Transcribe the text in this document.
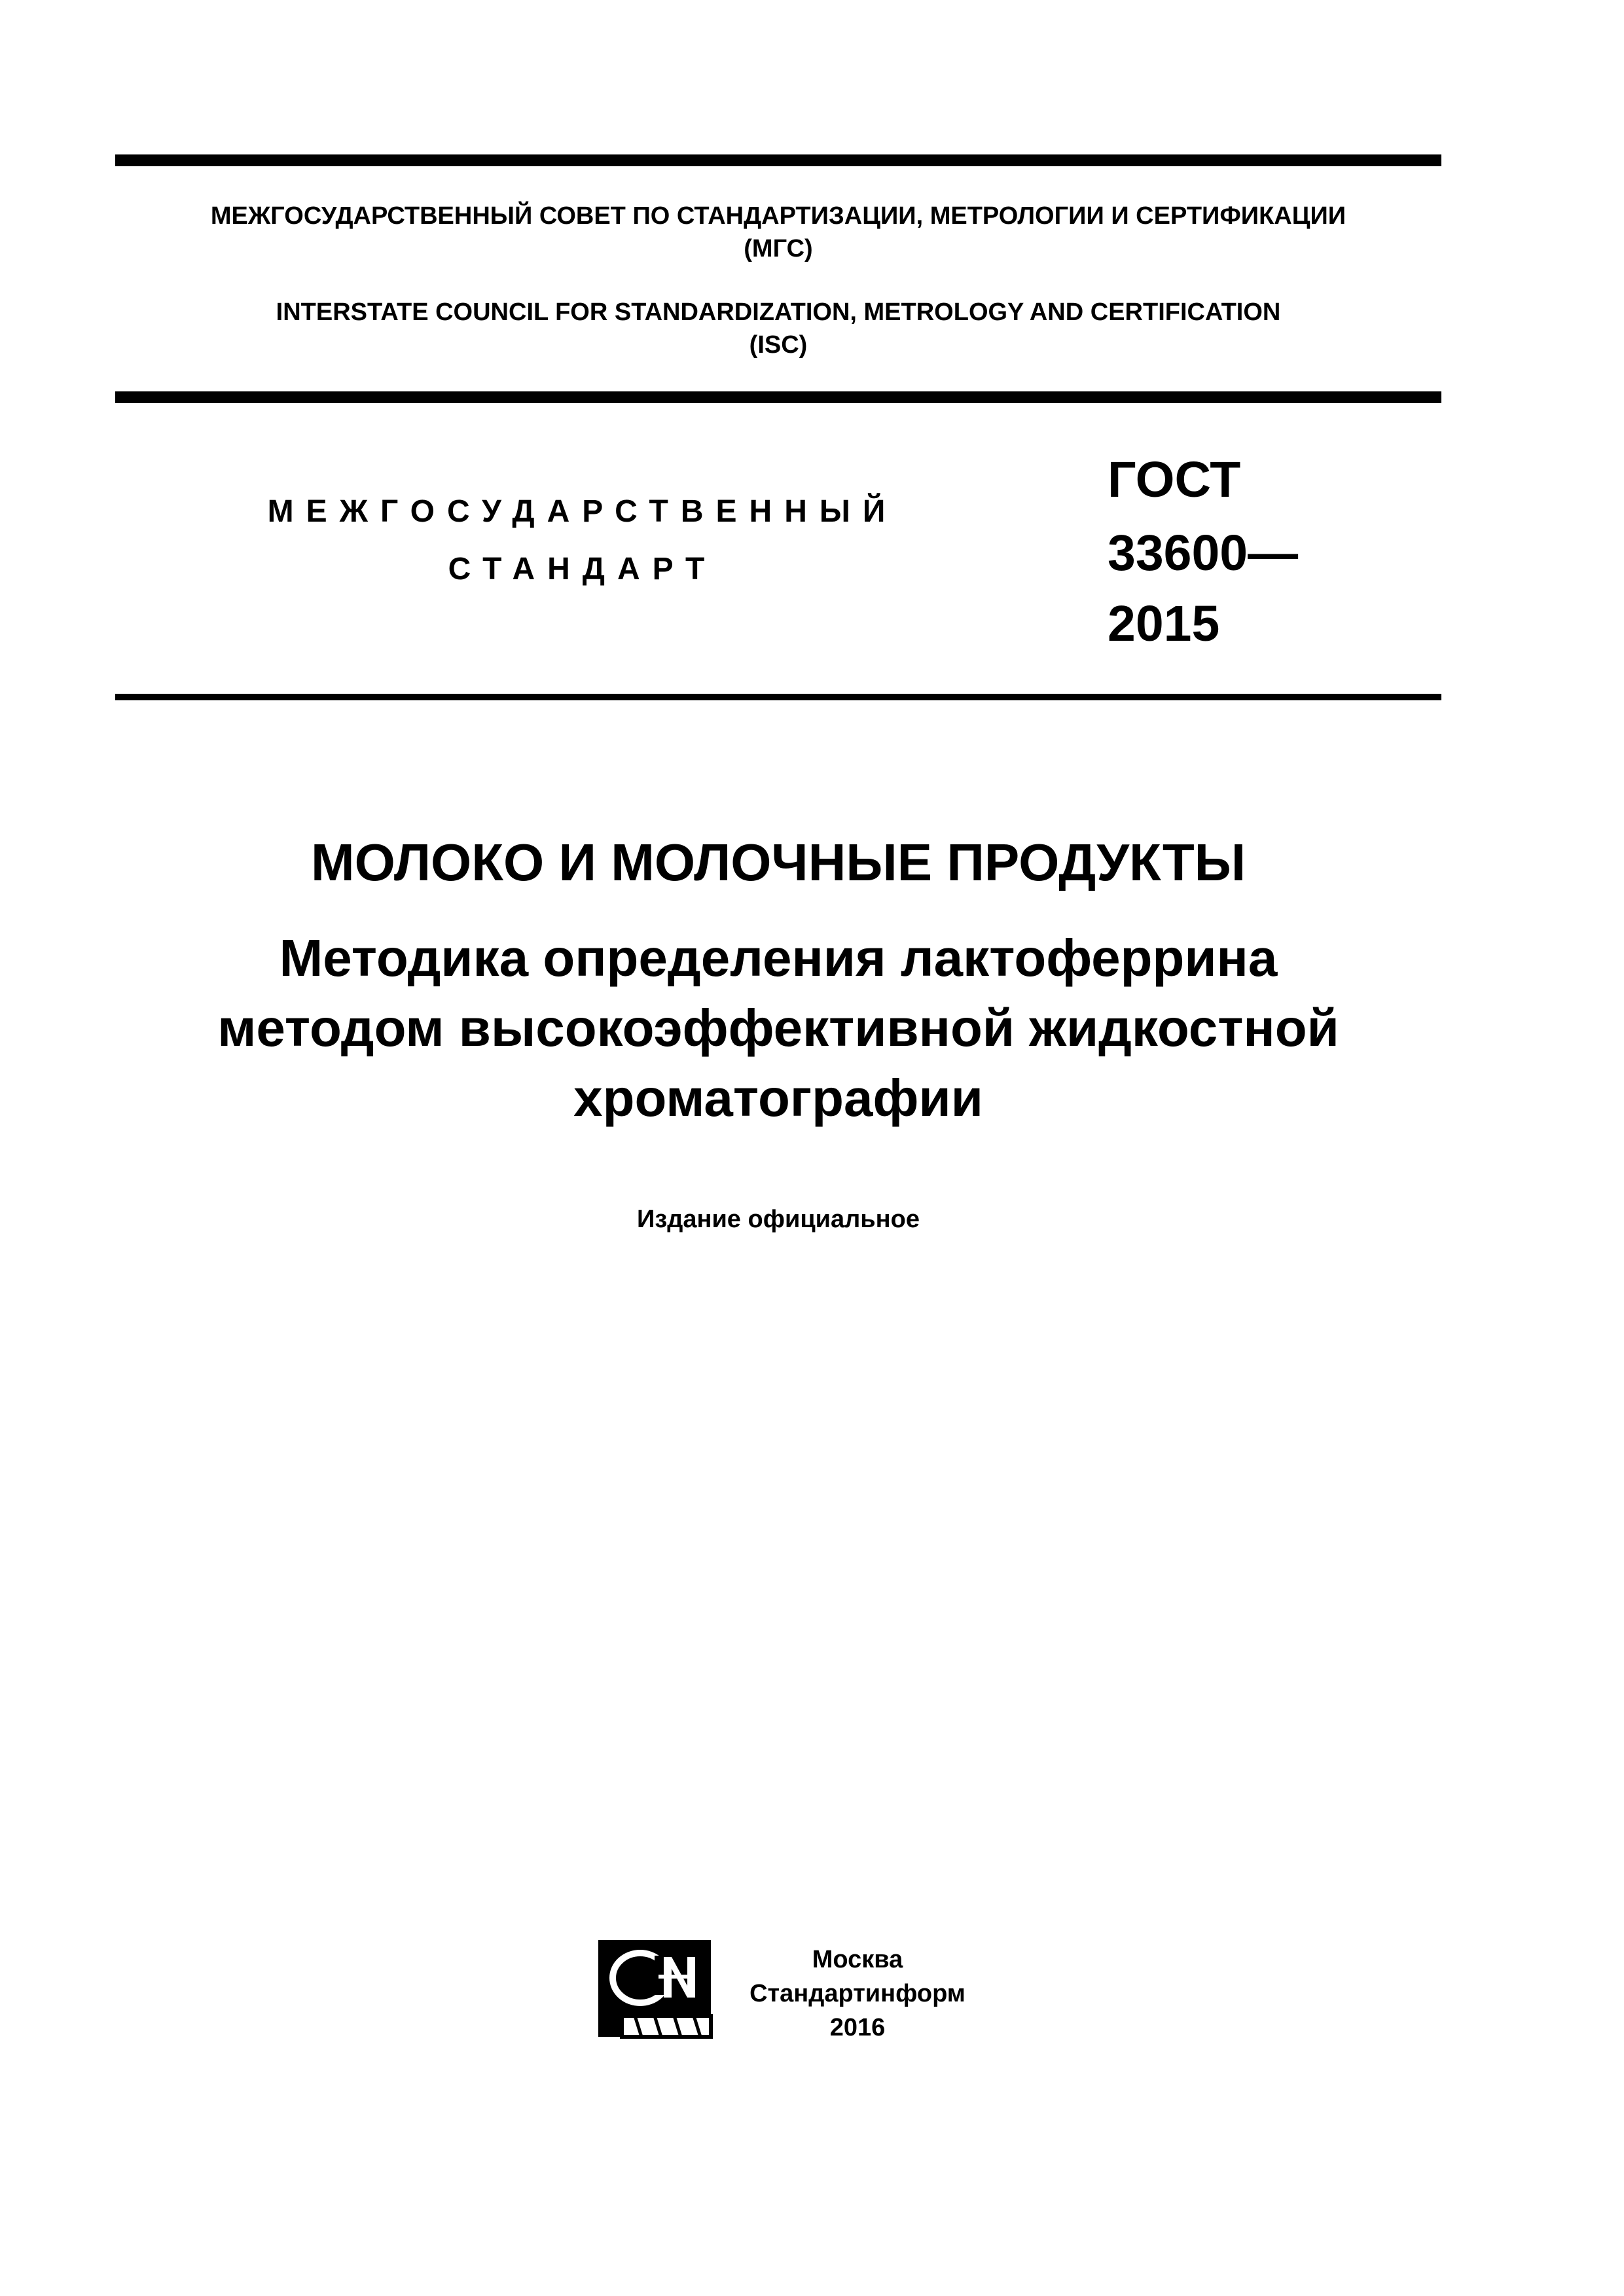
МЕЖГОСУДАРСТВЕННЫЙ СОВЕТ ПО СТАНДАРТИЗАЦИИ, МЕТРОЛОГИИ И СЕРТИФИКАЦИИ
(МГС)
INTERSTATE COUNCIL FOR STANDARDIZATION, METROLOGY AND CERTIFICATION
(ISC)
МЕЖГОСУДАРСТВЕННЫЙ
СТАНДАРТ
ГОСТ
33600—
2015
МОЛОКО И МОЛОЧНЫЕ ПРОДУКТЫ
Методика определения лактоферрина
методом высокоэффективной жидкостной
хроматографии
Издание официальное
Москва
Стандартинформ
2016
